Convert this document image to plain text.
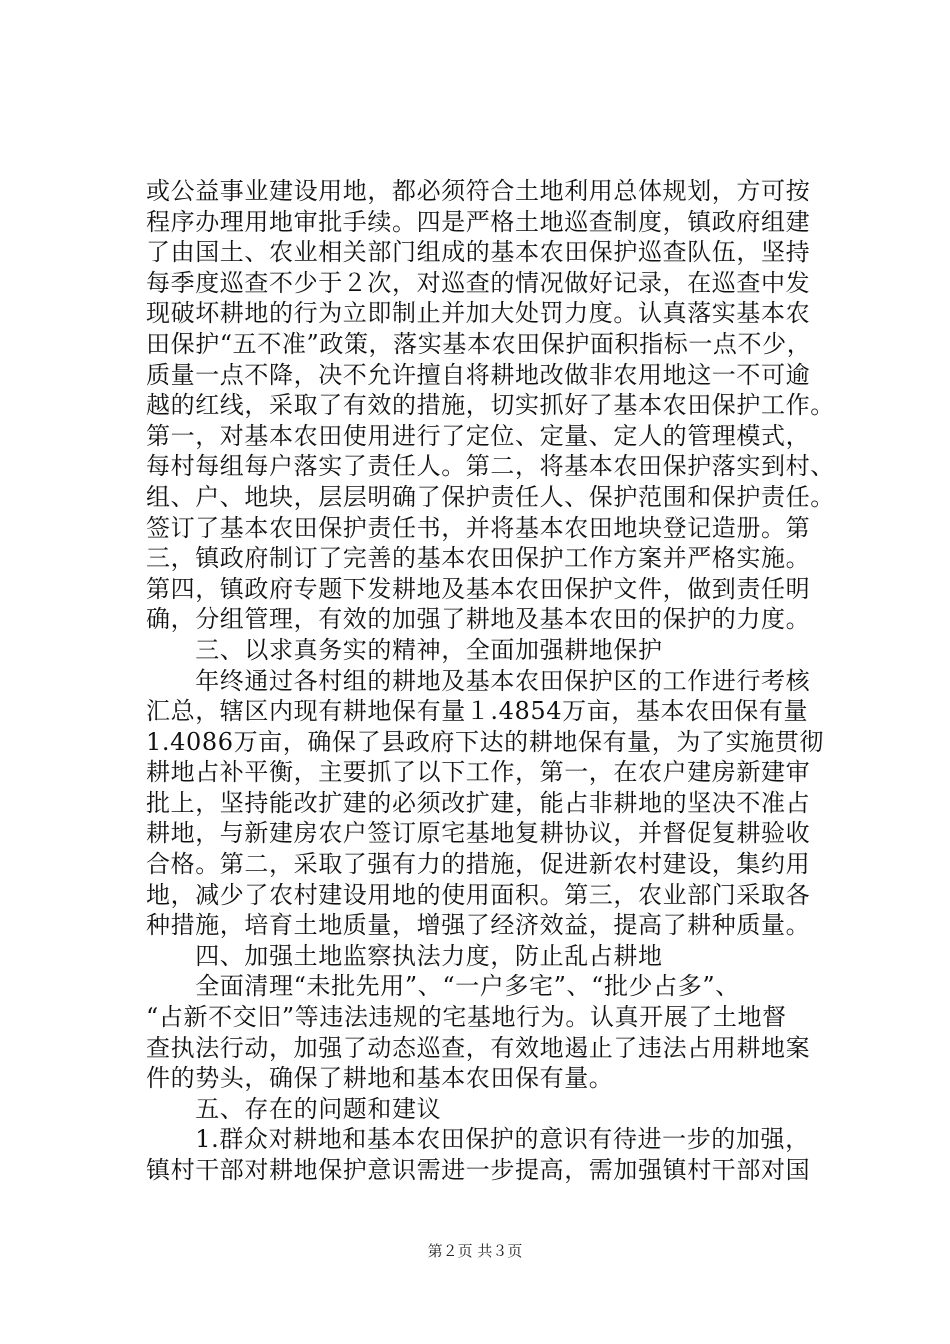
或公益事业建设用地，都必须符合土地利用总体规划，方可按
程序办理用地审批手续。四是严格土地巡查制度，镇政府组建
了由国土、农业相关部门组成的基本农田保护巡查队伍，坚持
每季度巡查不少于２次，对巡查的情况做好记录，在巡查中发
现破坏耕地的行为立即制止并加大处罚力度。认真落实基本农
田保护“五不准”政策，落实基本农田保护面积指标一点不少，
质量一点不降，决不允许擅自将耕地改做非农用地这一不可逾
越的红线，采取了有效的措施，切实抓好了基本农田保护工作。
第一，对基本农田使用进行了定位、定量、定人的管理模式，
每村每组每户落实了责任人。第二，将基本农田保护落实到村、
组、户、地块，层层明确了保护责任人、保护范围和保护责任。
签订了基本农田保护责任书，并将基本农田地块登记造册。第
三，镇政府制订了完善的基本农田保护工作方案并严格实施。
第四，镇政府专题下发耕地及基本农田保护文件，做到责任明
确，分组管理，有效的加强了耕地及基本农田的保护的力度。
　　三、以求真务实的精神，全面加强耕地保护
　　年终通过各村组的耕地及基本农田保护区的工作进行考核
汇总，辖区内现有耕地保有量１.4854万亩，基本农田保有量
1.4086万亩，确保了县政府下达的耕地保有量，为了实施贯彻
耕地占补平衡，主要抓了以下工作，第一，在农户建房新建审
批上，坚持能改扩建的必须改扩建，能占非耕地的坚决不准占
耕地，与新建房农户签订原宅基地复耕协议，并督促复耕验收
合格。第二，采取了强有力的措施，促进新农村建设，集约用
地，减少了农村建设用地的使用面积。第三，农业部门采取各
种措施，培育土地质量，增强了经济效益，提高了耕种质量。
　　四、加强土地监察执法力度，防止乱占耕地
　　全面清理“未批先用”、“一户多宅”、“批少占多”、
“占新不交旧”等违法违规的宅基地行为。认真开展了土地督
查执法行动，加强了动态巡查，有效地遏止了违法占用耕地案
件的势头，确保了耕地和基本农田保有量。
　　五、存在的问题和建议
　　1.群众对耕地和基本农田保护的意识有待进一步的加强，
镇村干部对耕地保护意识需进一步提高，需加强镇村干部对国
第２页 共３页
